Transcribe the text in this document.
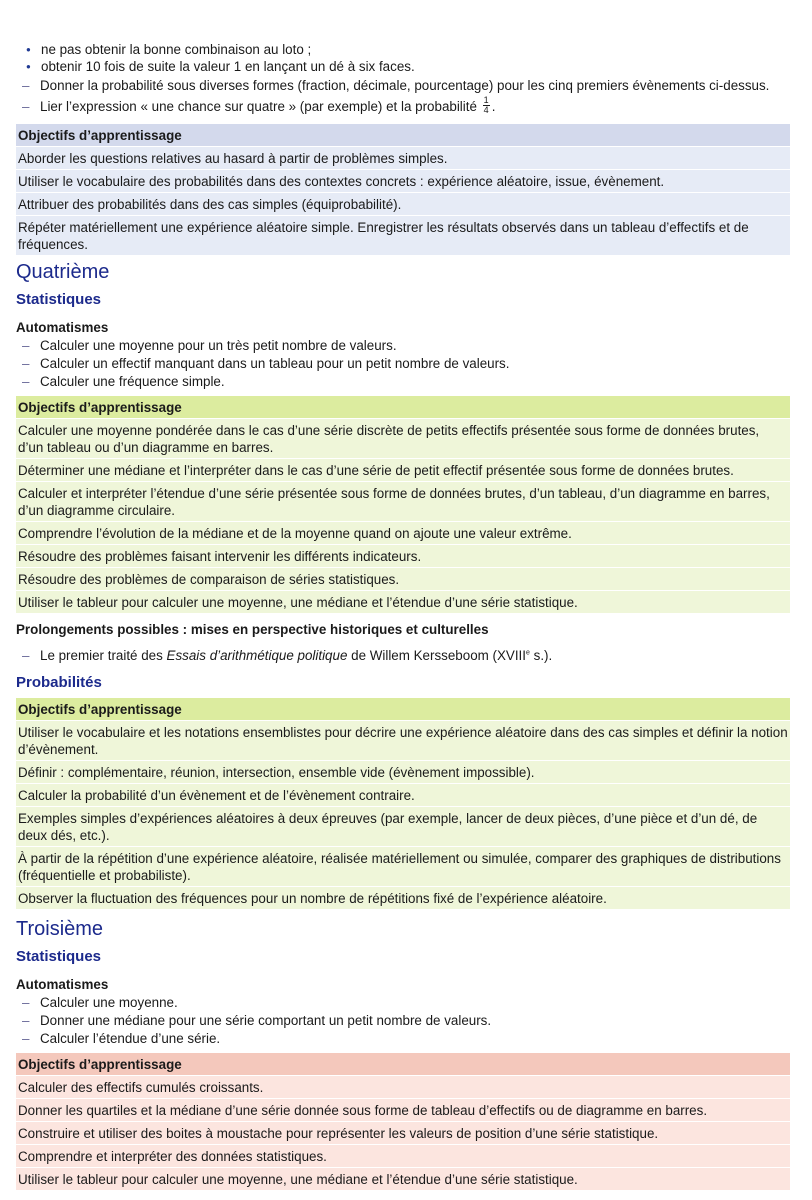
● ne pas obtenir la bonne combinaison au loto ;
● obtenir 10 fois de suite la valeur 1 en lançant un dé à six faces.
– Donner la probabilité sous diverses formes (fraction, décimale, pourcentage) pour les cinq premiers évènements ci-dessus.
– Lier l’expression « une chance sur quatre » (par exemple) et la probabilité $\frac{1}{4}$ .
Objectifs d’apprentissage
Aborder les questions relatives au hasard à partir de problèmes simples.
Utiliser le vocabulaire des probabilités dans des contextes concrets : expérience aléatoire, issue, évènement.
Attribuer des probabilités dans des cas simples (équiprobabilité).
Répéter matériellement une expérience aléatoire simple. Enregistrer les résultats observés dans un tableau d’effectifs et de fréquences.
Quatrième
Statistiques
Automatismes
– Calculer une moyenne pour un très petit nombre de valeurs.
– Calculer un effectif manquant dans un tableau pour un petit nombre de valeurs.
– Calculer une fréquence simple.
Objectifs d’apprentissage
Calculer une moyenne pondérée dans le cas d’une série discrète de petits effectifs présentée sous forme de données brutes, d’un tableau ou d’un diagramme en barres.
Déterminer une médiane et l’interpréter dans le cas d’une série de petit effectif présentée sous forme de données brutes.
Calculer et interpréter l’étendue d’une série présentée sous forme de données brutes, d’un tableau, d’un diagramme en barres, d’un diagramme circulaire.
Comprendre l’évolution de la médiane et de la moyenne quand on ajoute une valeur extrême.
Résoudre des problèmes faisant intervenir les différents indicateurs.
Résoudre des problèmes de comparaison de séries statistiques.
Utiliser le tableur pour calculer une moyenne, une médiane et l’étendue d’une série statistique.
Prolongements possibles : mises en perspective historiques et culturelles
– Le premier traité des Essais d’arithmétique politique de Willem Kersseboom (XVIIIe s.).
Probabilités
Objectifs d’apprentissage
Utiliser le vocabulaire et les notations ensemblistes pour décrire une expérience aléatoire dans des cas simples et définir la notion d’évènement.
Définir : complémentaire, réunion, intersection, ensemble vide (évènement impossible).
Calculer la probabilité d’un évènement et de l’évènement contraire.
Exemples simples d’expériences aléatoires à deux épreuves (par exemple, lancer de deux pièces, d’une pièce et d’un dé, de deux dés, etc.).
À partir de la répétition d’une expérience aléatoire, réalisée matériellement ou simulée, comparer des graphiques de distributions (fréquentielle et probabiliste).
Observer la fluctuation des fréquences pour un nombre de répétitions fixé de l’expérience aléatoire.
Troisième
Statistiques
Automatismes
– Calculer une moyenne.
– Donner une médiane pour une série comportant un petit nombre de valeurs.
– Calculer l’étendue d’une série.
Objectifs d’apprentissage
Calculer des effectifs cumulés croissants.
Donner les quartiles et la médiane d’une série donnée sous forme de tableau d’effectifs ou de diagramme en barres.
Construire et utiliser des boites à moustache pour représenter les valeurs de position d’une série statistique.
Comprendre et interpréter des données statistiques.
Utiliser le tableur pour calculer une moyenne, une médiane et l’étendue d’une série statistique.
